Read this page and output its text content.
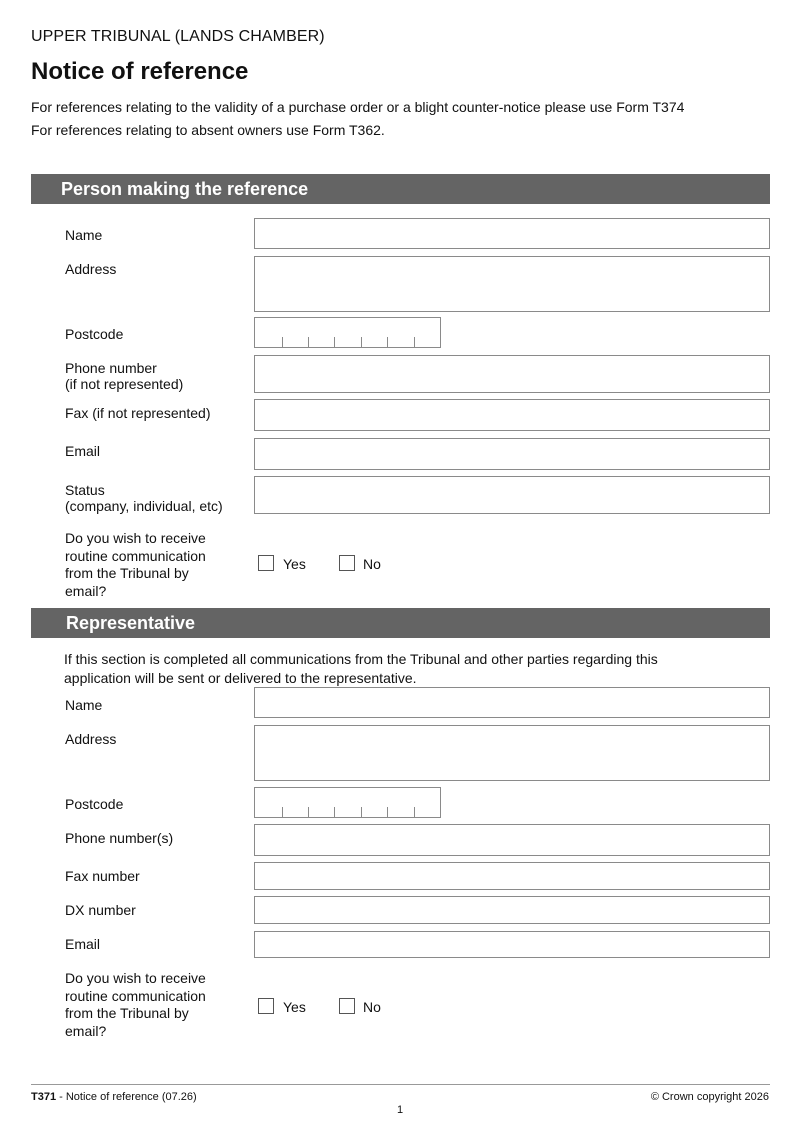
UPPER TRIBUNAL (LANDS CHAMBER)
Notice of reference
For references relating to the validity of a purchase order or a blight counter-notice please use Form T374
For references relating to absent owners use Form T362.
Person making the reference
Name
Address
Postcode
Phone number
(if not represented)
Fax (if not represented)
Email
Status
(company, individual, etc)
Do you wish to receive
routine communication
from the Tribunal by
email?
Yes	No
Representative
If this section is completed all communications from the Tribunal and other parties regarding this
application will be sent or delivered to the representative.
Name
Address
Postcode
Phone number(s)
Fax number
DX number
Email
Do you wish to receive
routine communication
from the Tribunal by
email?
Yes	No
T371 - Notice of reference (07.26)	© Crown copyright 2026
1
